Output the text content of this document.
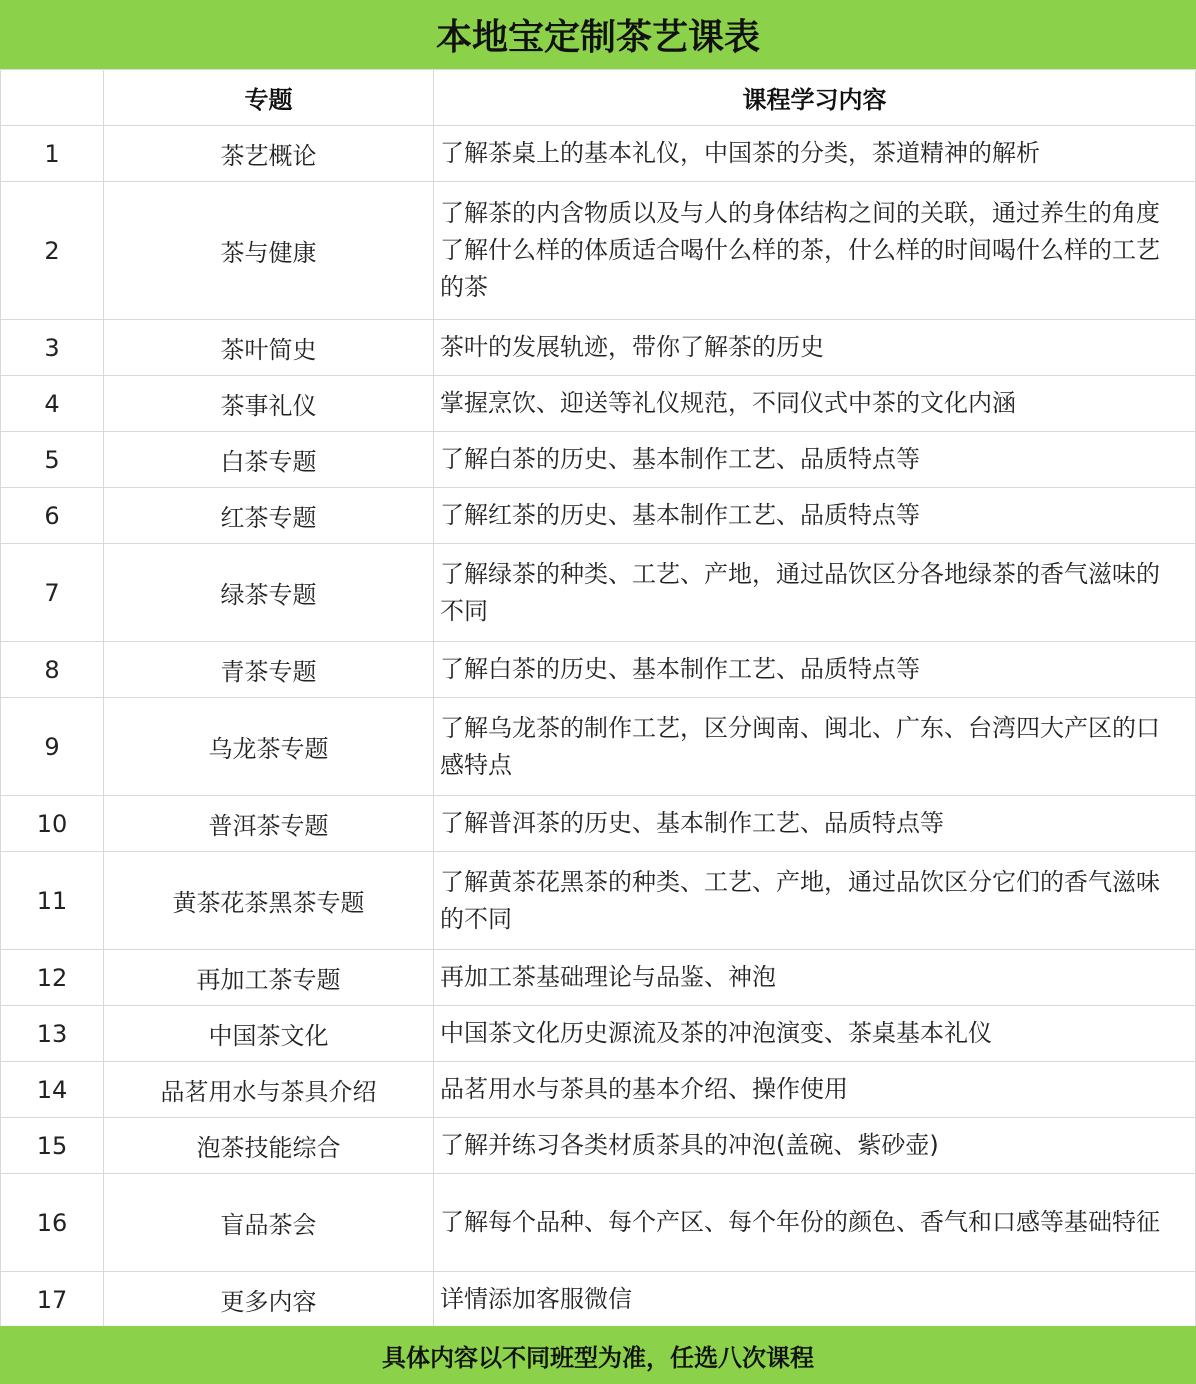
本地宝定制茶艺课表
	专题	课程学习内容
1	茶艺概论	了解茶桌上的基本礼仪，中国茶的分类，茶道精神的解析
2	茶与健康	了解茶的内含物质以及与人的身体结构之间的关联，通过养生的角度了解什么样的体质适合喝什么样的茶，什么样的时间喝什么样的工艺的茶
3	茶叶简史	茶叶的发展轨迹，带你了解茶的历史
4	茶事礼仪	掌握烹饮、迎送等礼仪规范，不同仪式中茶的文化内涵
5	白茶专题	了解白茶的历史、基本制作工艺、品质特点等
6	红茶专题	了解红茶的历史、基本制作工艺、品质特点等
7	绿茶专题	了解绿茶的种类、工艺、产地，通过品饮区分各地绿茶的香气滋味的不同
8	青茶专题	了解白茶的历史、基本制作工艺、品质特点等
9	乌龙茶专题	了解乌龙茶的制作工艺，区分闽南、闽北、广东、台湾四大产区的口感特点
10	普洱茶专题	了解普洱茶的历史、基本制作工艺、品质特点等
11	黄茶花茶黑茶专题	了解黄茶花黑茶的种类、工艺、产地，通过品饮区分它们的香气滋味的不同
12	再加工茶专题	再加工茶基础理论与品鉴、神泡
13	中国茶文化	中国茶文化历史源流及茶的冲泡演变、茶桌基本礼仪
14	品茗用水与茶具介绍	品茗用水与茶具的基本介绍、操作使用
15	泡茶技能综合	了解并练习各类材质茶具的冲泡(盖碗、紫砂壶)
16	盲品茶会	了解每个品种、每个产区、每个年份的颜色、香气和口感等基础特征
17	更多内容	详情添加客服微信
具体内容以不同班型为准，任选八次课程
